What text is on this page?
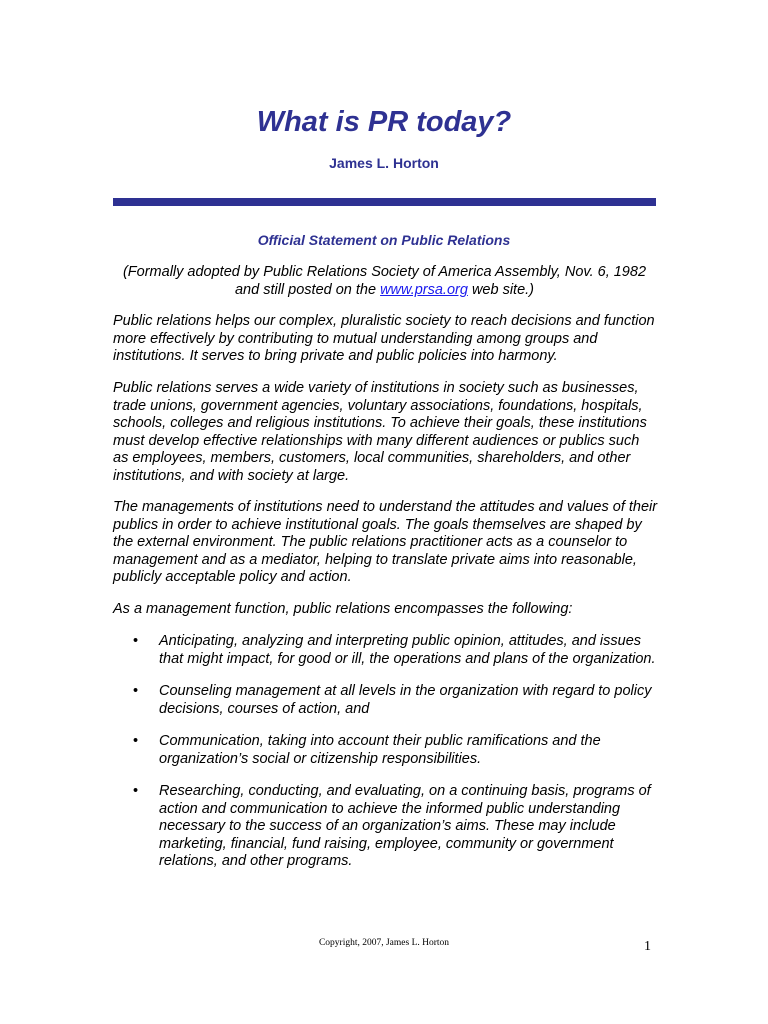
What is PR today?
James L. Horton
Official Statement on Public Relations
(Formally adopted by Public Relations Society of America Assembly, Nov. 6, 1982 and still posted on the www.prsa.org web site.)

Public relations helps our complex, pluralistic society to reach decisions and function more effectively by contributing to mutual understanding among groups and institutions. It serves to bring private and public policies into harmony.

Public relations serves a wide variety of institutions in society such as businesses, trade unions, government agencies, voluntary associations, foundations, hospitals, schools, colleges and religious institutions. To achieve their goals, these institutions must develop effective relationships with many different audiences or publics such as employees, members, customers, local communities, shareholders, and other institutions, and with society at large.

The managements of institutions need to understand the attitudes and values of their publics in order to achieve institutional goals. The goals themselves are shaped by the external environment. The public relations practitioner acts as a counselor to management and as a mediator, helping to translate private aims into reasonable, publicly acceptable policy and action.

As a management function, public relations encompasses the following:

• Anticipating, analyzing and interpreting public opinion, attitudes, and issues that might impact, for good or ill, the operations and plans of the organization.
• Counseling management at all levels in the organization with regard to policy decisions, courses of action, and
• Communication, taking into account their public ramifications and the organization’s social or citizenship responsibilities.
• Researching, conducting, and evaluating, on a continuing basis, programs of action and communication to achieve the informed public understanding necessary to the success of an organization’s aims. These may include marketing, financial, fund raising, employee, community or government relations, and other programs.
Copyright, 2007, James L. Horton	1
